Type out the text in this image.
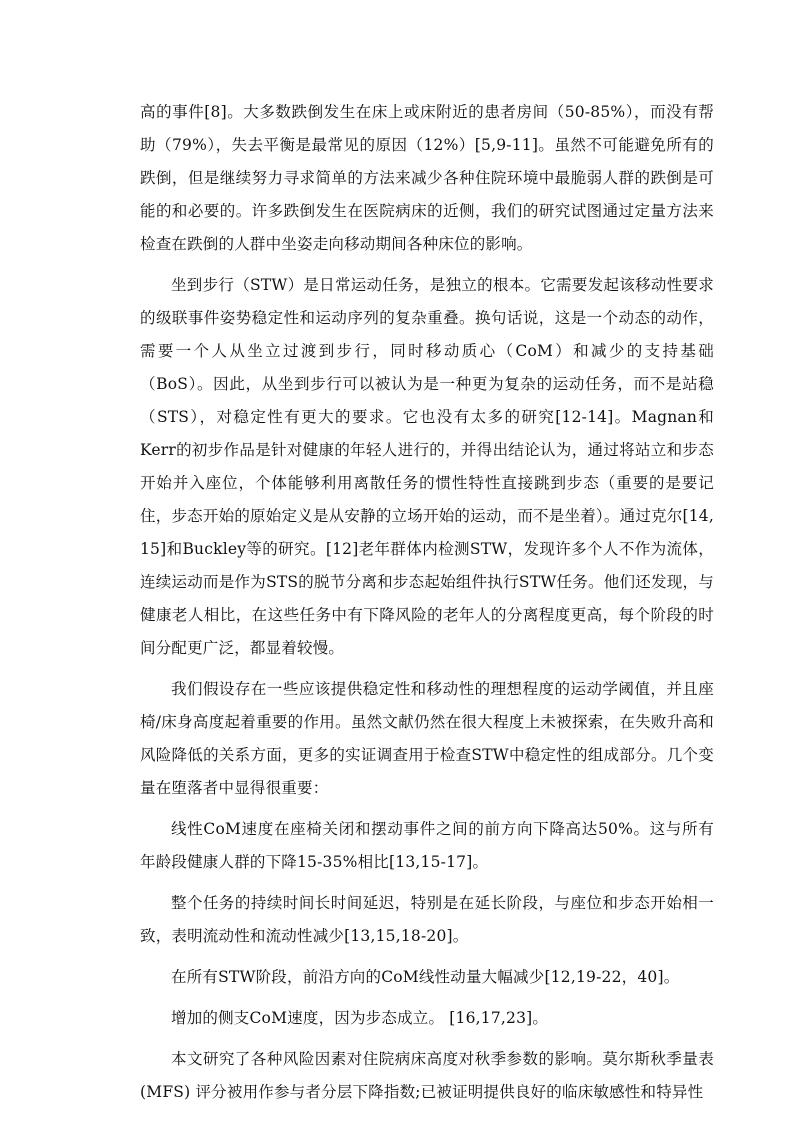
高的事件[8]。大多数跌倒发生在床上或床附近的患者房间（50-85%），而没有帮助（79%），失去平衡是最常见的原因（12%）[5,9-11]。虽然不可能避免所有的跌倒，但是继续努力寻求简单的方法来减少各种住院环境中最脆弱人群的跌倒是可能的和必要的。许多跌倒发生在医院病床的近侧，我们的研究试图通过定量方法来检查在跌倒的人群中坐姿走向移动期间各种床位的影响。

坐到步行（STW）是日常运动任务，是独立的根本。它需要发起该移动性要求的级联事件姿势稳定性和运动序列的复杂重叠。换句话说，这是一个动态的动作，需要一个人从坐立过渡到步行，同时移动质心（CoM）和减少的支持基础（BoS）。因此，从坐到步行可以被认为是一种更为复杂的运动任务，而不是站稳（STS），对稳定性有更大的要求。它也没有太多的研究[12-14]。Magnan和Kerr的初步作品是针对健康的年轻人进行的，并得出结论认为，通过将站立和步态开始并入座位，个体能够利用离散任务的惯性特性直接跳到步态（重要的是要记住，步态开始的原始定义是从安静的立场开始的运动，而不是坐着）。通过克尔[14, 15]和Buckley等的研究。[12]老年群体内检测STW，发现许多个人不作为流体，连续运动而是作为STS的脱节分离和步态起始组件执行STW任务。他们还发现，与健康老人相比，在这些任务中有下降风险的老年人的分离程度更高，每个阶段的时间分配更广泛，都显着较慢。

我们假设存在一些应该提供稳定性和移动性的理想程度的运动学阈值，并且座椅/床身高度起着重要的作用。虽然文献仍然在很大程度上未被探索，在失败升高和风险降低的关系方面，更多的实证调查用于检查STW中稳定性的组成部分。几个变量在堕落者中显得很重要：

线性CoM速度在座椅关闭和摆动事件之间的前方向下降高达50%。这与所有年龄段健康人群的下降15-35%相比[13,15-17]。

整个任务的持续时间长时间延迟，特别是在延长阶段，与座位和步态开始相一致，表明流动性和流动性减少[13,15,18-20]。

在所有STW阶段，前沿方向的CoM线性动量大幅减少[12,19-22，40]。

增加的侧支CoM速度，因为步态成立。 [16,17,23]。

本文研究了各种风险因素对住院病床高度对秋季参数的影响。莫尔斯秋季量表(MFS) 评分被用作参与者分层下降指数;已被证明提供良好的临床敏感性和特异性
